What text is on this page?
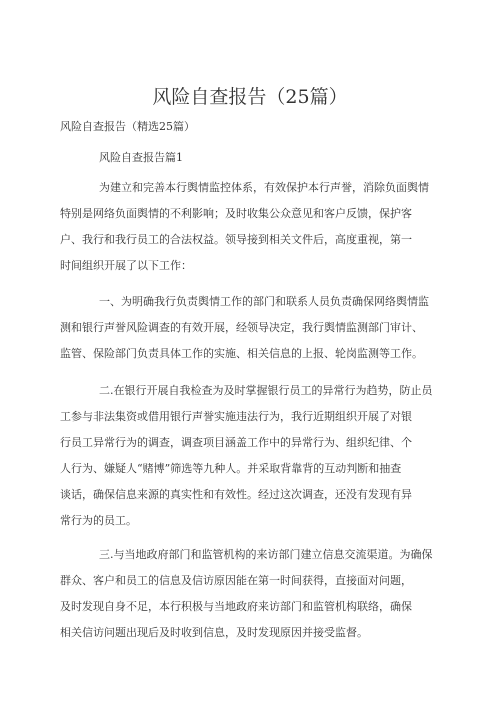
风险自查报告（25篇）
风险自查报告（精选25篇）
风险自查报告篇1
为建立和完善本行舆情监控体系，有效保护本行声誉，消除负面舆情
特别是网络负面舆情的不利影响；及时收集公众意见和客户反馈，保护客
户、我行和我行员工的合法权益。领导接到相关文件后，高度重视，第一
时间组织开展了以下工作：
一、为明确我行负责舆情工作的部门和联系人员负责确保网络舆情监
测和银行声誉风险调查的有效开展，经领导决定，我行舆情监测部门审计、
监管、保险部门负责具体工作的实施、相关信息的上报、轮岗监测等工作。
二.在银行开展自我检查为及时掌握银行员工的异常行为趋势，防止员
工参与非法集资或借用银行声誉实施违法行为，我行近期组织开展了对银
行员工异常行为的调查，调查项目涵盖工作中的异常行为、组织纪律、个
人行为、嫌疑人“赌博”筛选等九种人。并采取背靠背的互动判断和抽查
谈话，确保信息来源的真实性和有效性。经过这次调查，还没有发现有异
常行为的员工。
三.与当地政府部门和监管机构的来访部门建立信息交流渠道。为确保
群众、客户和员工的信息及信访原因能在第一时间获得，直接面对问题，
及时发现自身不足，本行积极与当地政府来访部门和监管机构联络，确保
相关信访问题出现后及时收到信息，及时发现原因并接受监督。
